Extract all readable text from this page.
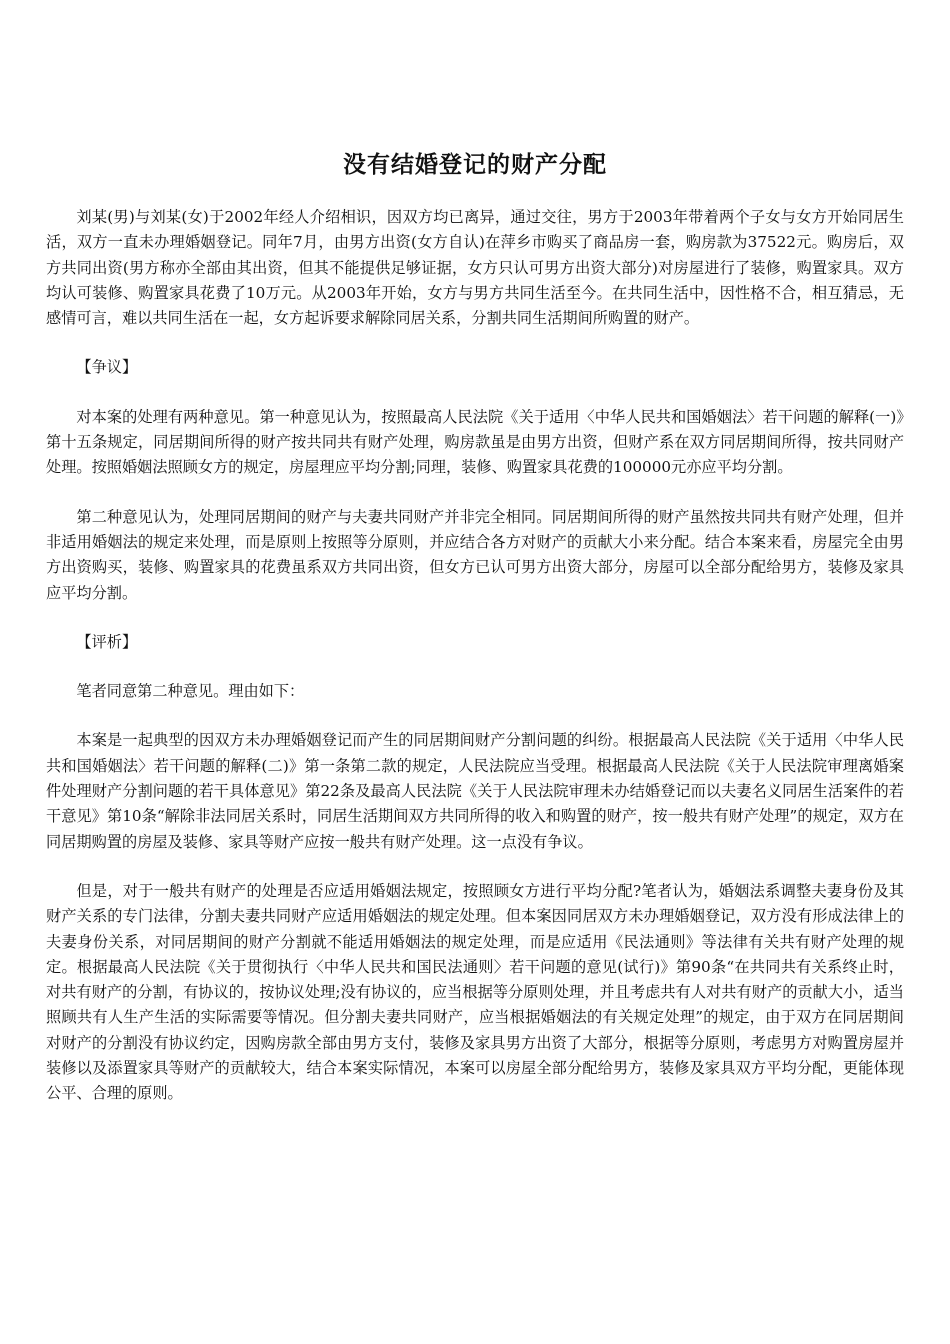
没有结婚登记的财产分配

刘某(男)与刘某(女)于2002年经人介绍相识，因双方均已离异，通过交往，男方于2003年带着两个子女与女方开始同居生活，双方一直未办理婚姻登记。同年7月，由男方出资(女方自认)在萍乡市购买了商品房一套，购房款为37522元。购房后，双方共同出资(男方称亦全部由其出资，但其不能提供足够证据，女方只认可男方出资大部分)对房屋进行了装修，购置家具。双方均认可装修、购置家具花费了10万元。从2003年开始，女方与男方共同生活至今。在共同生活中，因性格不合，相互猜忌，无感情可言，难以共同生活在一起，女方起诉要求解除同居关系，分割共同生活期间所购置的财产。

【争议】

对本案的处理有两种意见。第一种意见认为，按照最高人民法院《关于适用〈中华人民共和国婚姻法〉若干问题的解释(一)》第十五条规定，同居期间所得的财产按共同共有财产处理，购房款虽是由男方出资，但财产系在双方同居期间所得，按共同财产处理。按照婚姻法照顾女方的规定，房屋理应平均分割;同理，装修、购置家具花费的100000元亦应平均分割。

第二种意见认为，处理同居期间的财产与夫妻共同财产并非完全相同。同居期间所得的财产虽然按共同共有财产处理，但并非适用婚姻法的规定来处理，而是原则上按照等分原则，并应结合各方对财产的贡献大小来分配。结合本案来看，房屋完全由男方出资购买，装修、购置家具的花费虽系双方共同出资，但女方已认可男方出资大部分，房屋可以全部分配给男方，装修及家具应平均分割。

【评析】

笔者同意第二种意见。理由如下：

本案是一起典型的因双方未办理婚姻登记而产生的同居期间财产分割问题的纠纷。根据最高人民法院《关于适用〈中华人民共和国婚姻法〉若干问题的解释(二)》第一条第二款的规定，人民法院应当受理。根据最高人民法院《关于人民法院审理离婚案件处理财产分割问题的若干具体意见》第22条及最高人民法院《关于人民法院审理未办结婚登记而以夫妻名义同居生活案件的若干意见》第10条“解除非法同居关系时，同居生活期间双方共同所得的收入和购置的财产，按一般共有财产处理”的规定，双方在同居期购置的房屋及装修、家具等财产应按一般共有财产处理。这一点没有争议。

但是，对于一般共有财产的处理是否应适用婚姻法规定，按照顾女方进行平均分配?笔者认为，婚姻法系调整夫妻身份及其财产关系的专门法律，分割夫妻共同财产应适用婚姻法的规定处理。但本案因同居双方未办理婚姻登记，双方没有形成法律上的夫妻身份关系，对同居期间的财产分割就不能适用婚姻法的规定处理，而是应适用《民法通则》等法律有关共有财产处理的规定。根据最高人民法院《关于贯彻执行〈中华人民共和国民法通则〉若干问题的意见(试行)》第90条“在共同共有关系终止时，对共有财产的分割，有协议的，按协议处理;没有协议的，应当根据等分原则处理，并且考虑共有人对共有财产的贡献大小，适当照顾共有人生产生活的实际需要等情况。但分割夫妻共同财产，应当根据婚姻法的有关规定处理”的规定，由于双方在同居期间对财产的分割没有协议约定，因购房款全部由男方支付，装修及家具男方出资了大部分，根据等分原则，考虑男方对购置房屋并装修以及添置家具等财产的贡献较大，结合本案实际情况，本案可以房屋全部分配给男方，装修及家具双方平均分配，更能体现公平、合理的原则。
